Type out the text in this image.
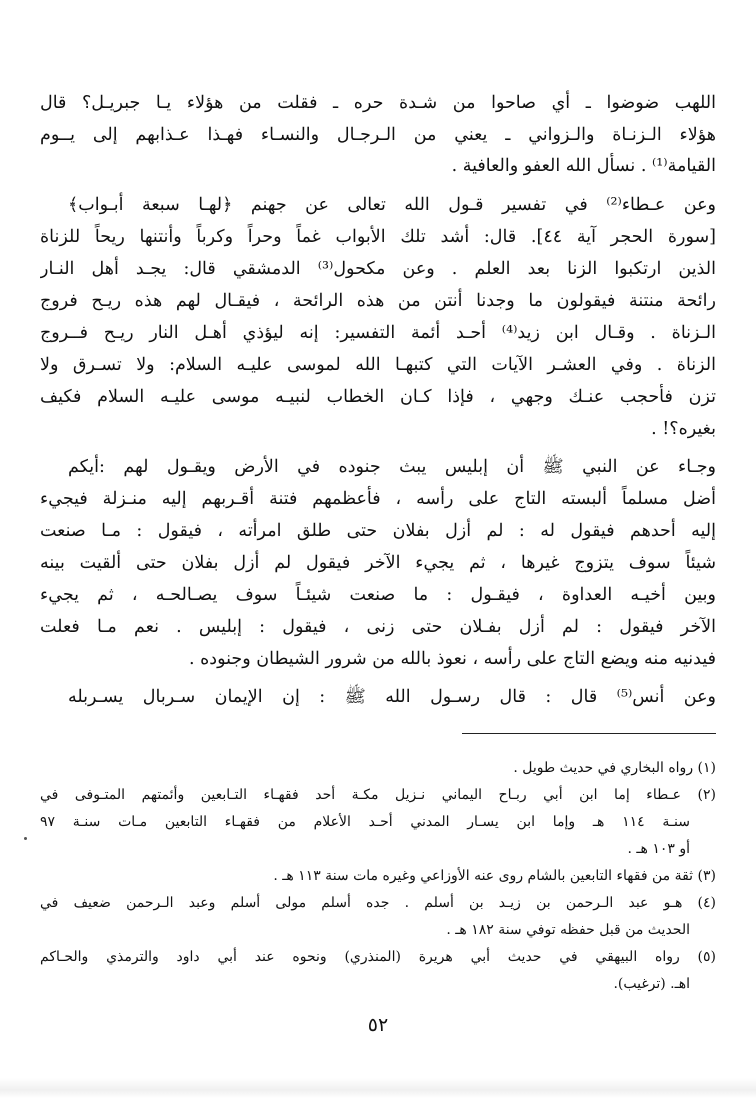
اللهب ضوضوا ـ أي صاحوا من شـدة حره ـ فقلت من هؤلاء يـا جبريـل؟ قال
هؤلاء الـزنـاة والـزواني ـ يعني من الـرجـال والنسـاء فهـذا عـذابهم إلى يــوم
القيامة⁽¹⁾ . نسأل الله العفو والعافية .
وعن عـطاء⁽²⁾ في تفسير قـول الله تعالى عن جهنم ﴿لهـا سبعة أبـواب﴾
[سورة الحجر آية ٤٤]. قال: أشد تلك الأبواب غماً وحراً وكرباً وأنتنها ريحاً للزناة
الذين ارتكبوا الزنا بعد العلم . وعن مكحول⁽³⁾ الدمشقي قال: يجـد أهل النـار
رائحة منتنة فيقولون ما وجدنا أنتن من هذه الرائحة ، فيقـال لهم هذه ريـح فروج
الـزناة . وقـال ابن زيد⁽⁴⁾ أحـد أئمة التفسير: إنه ليؤذي أهـل النار ريـح فــروج
الزناة . وفي العشـر الآيات التي كتبهـا الله لموسى عليـه السلام: ولا تسـرق ولا
تزن فأحجب عنـك وجهي ، فإذا كـان الخطاب لنبيـه موسى عليـه السلام فكيف
بغيره؟! .
وجـاء عن النبي ﷺ أن إبليس يبث جنوده في الأرض ويقـول لهم :أيكم
أضل مسلماً ألبسته التاج على رأسه ، فأعظمهم فتنة أقـربهم إليه منـزلة فيجيء
إليه أحدهم فيقول له : لم أزل بفلان حتى طلق امرأته ، فيقول : مـا صنعت
شيئاً سوف يتزوج غيرها ، ثم يجيء الآخر فيقول لم أزل بفلان حتى ألقيت بينه
وبين أخيـه العداوة ، فيقـول : ما صنعت شيئـاً سوف يصـالحـه ، ثم يجيء
الآخر فيقول : لم أزل بفـلان حتى زنى ، فيقول : إبليس . نعم مـا فعلت
فيدنيه منه ويضع التاج على رأسه ، نعوذ بالله من شرور الشيطان وجنوده .
وعن أنس⁽⁵⁾ قال : قال رسـول الله ﷺ : إن الإيمان سـربال يسـربله
(١) رواه البخاري في حديث طويل .
(٢) عـطاء إما ابن أبي ربـاح اليماني نـزيل مكـة أحد فقهـاء التـابعين وأئمتهم المتـوفى في
سنـة ١١٤ هـ وإما ابن يسـار المدني أحـد الأعلام من فقهـاء التابعين مـات سنـة ٩٧
أو ١٠٣ هـ .
(٣) ثقة من فقهاء التابعين بالشام روى عنه الأوزاعي وغيره مات سنة ١١٣ هـ .
(٤) هـو عبد الـرحمن بن زيـد بن أسلم . جده أسلم مولى أسلم وعبد الـرحمن ضعيف في
الحديث من قبل حفظه توفي سنة ١٨٢ هـ .
(٥) رواه البيهقي في حديث أبي هريرة (المنذري) ونحوه عند أبي داود والترمذي والحـاكم
اهـ. (ترغيب).
٥٢
